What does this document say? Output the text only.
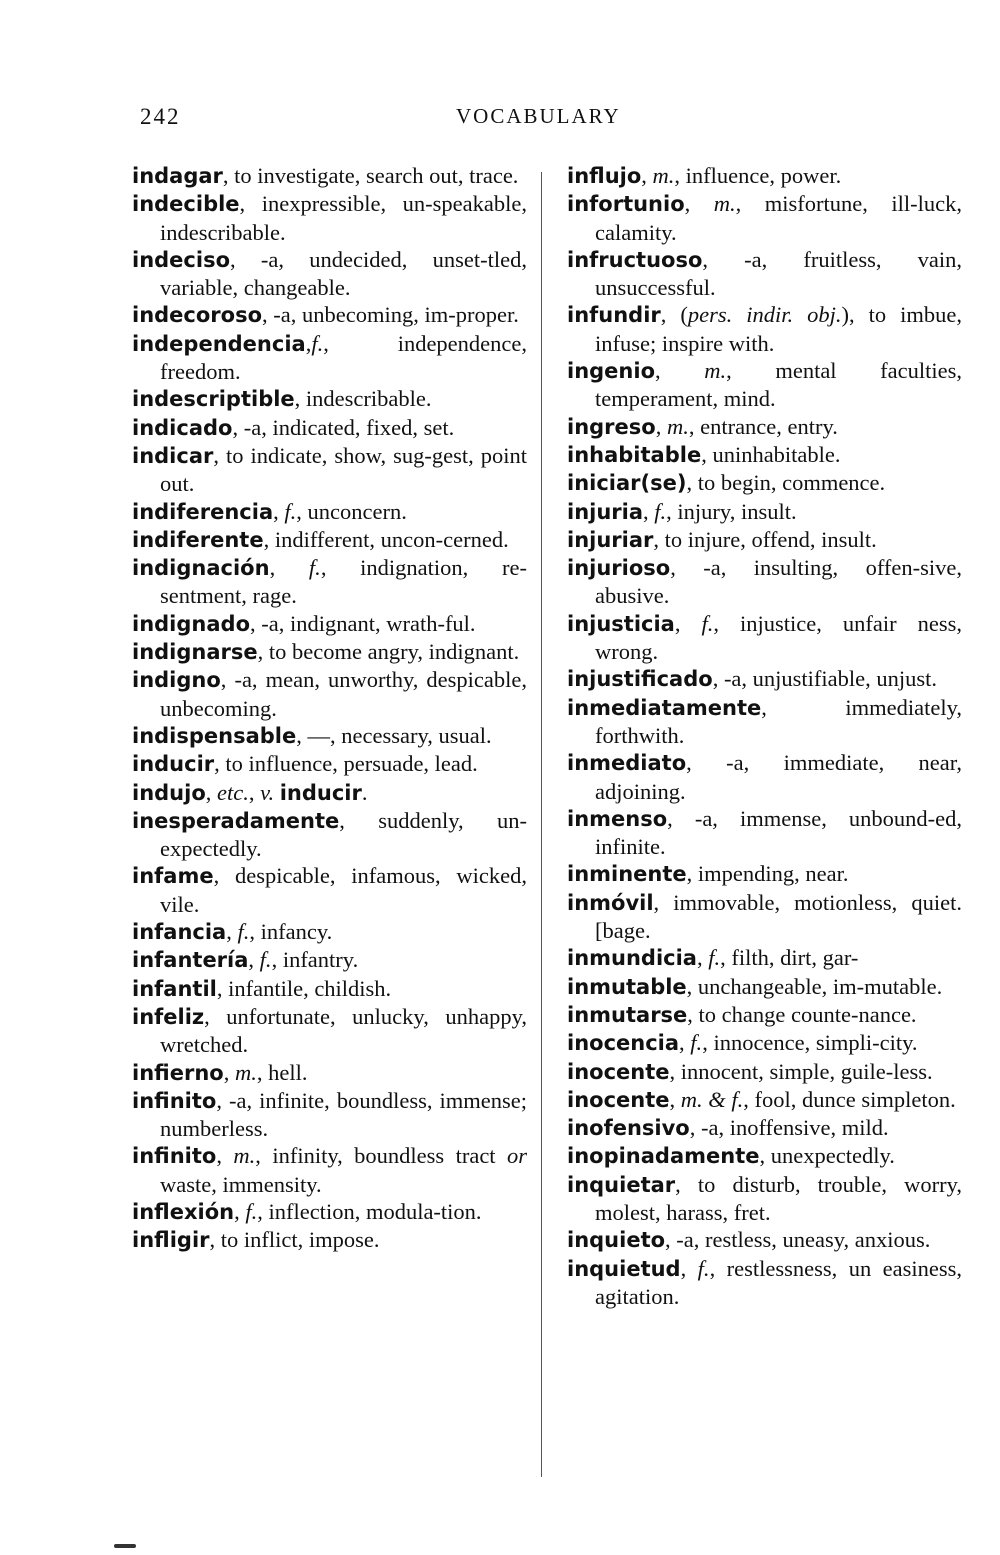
242	VOCABULARY

indagar, to investigate, search out, trace.

indecible, inexpressible, un-speakable, indescribable.

indeciso, -a, undecided, unset-tled, variable, changeable.

indecoroso, -a, unbecoming, im-proper.

independencia,f., independence, freedom.

indescriptible, indescribable.

indicado, -a, indicated, fixed, set.

indicar, to indicate, show, sug-gest, point out.

indiferencia, f., unconcern.

indiferente, indifferent, uncon-cerned.

indignación, f., indignation, re-sentment, rage.

indignado, -a, indignant, wrath-ful.

indignarse, to become angry, indignant.

indigno, -a, mean, unworthy, despicable, unbecoming.

indispensable, —, necessary, usual.

inducir, to influence, persuade, lead.

indujo, etc., v. inducir.

inesperadamente, suddenly, un-expectedly.

infame, despicable, infamous, wicked, vile.

infancia, f., infancy.

infantería, f., infantry.

infantil, infantile, childish.

infeliz, unfortunate, unlucky, unhappy, wretched.

infierno, m., hell.

infinito, -a, infinite, boundless, immense; numberless.

infinito, m., infinity, boundless tract or waste, immensity.

inflexión, f., inflection, modula-tion.

infligir, to inflict, impose.

influjo, m., influence, power.

infortunio, m., misfortune, ill-luck, calamity.

infructuoso, -a, fruitless, vain, unsuccessful.

infundir, (pers. indir. obj.), to imbue, infuse; inspire with.

ingenio, m., mental faculties, temperament, mind.

ingreso, m., entrance, entry.

inhabitable, uninhabitable.

iniciar(se), to begin, commence.

injuria, f., injury, insult.

injuriar, to injure, offend, insult.

injurioso, -a, insulting, offen-sive, abusive.

injusticia, f., injustice, unfair ness, wrong.

injustificado, -a, unjustifiable, unjust.

inmediatamente, immediately, forthwith.

inmediato, -a, immediate, near, adjoining.

inmenso, -a, immense, unbound-ed, infinite.

inminente, impending, near.

inmóvil, immovable, motionless, quiet. [bage.

inmundicia, f., filth, dirt, gar-

inmutable, unchangeable, im-mutable.

inmutarse, to change counte-nance.

inocencia, f., innocence, simpli-city.

inocente, innocent, simple, guile-less.

inocente, m. & f., fool, dunce simpleton.

inofensivo, -a, inoffensive, mild.

inopinadamente, unexpectedly.

inquietar, to disturb, trouble, worry, molest, harass, fret.

inquieto, -a, restless, uneasy, anxious.

inquietud, f., restlessness, un easiness, agitation.
